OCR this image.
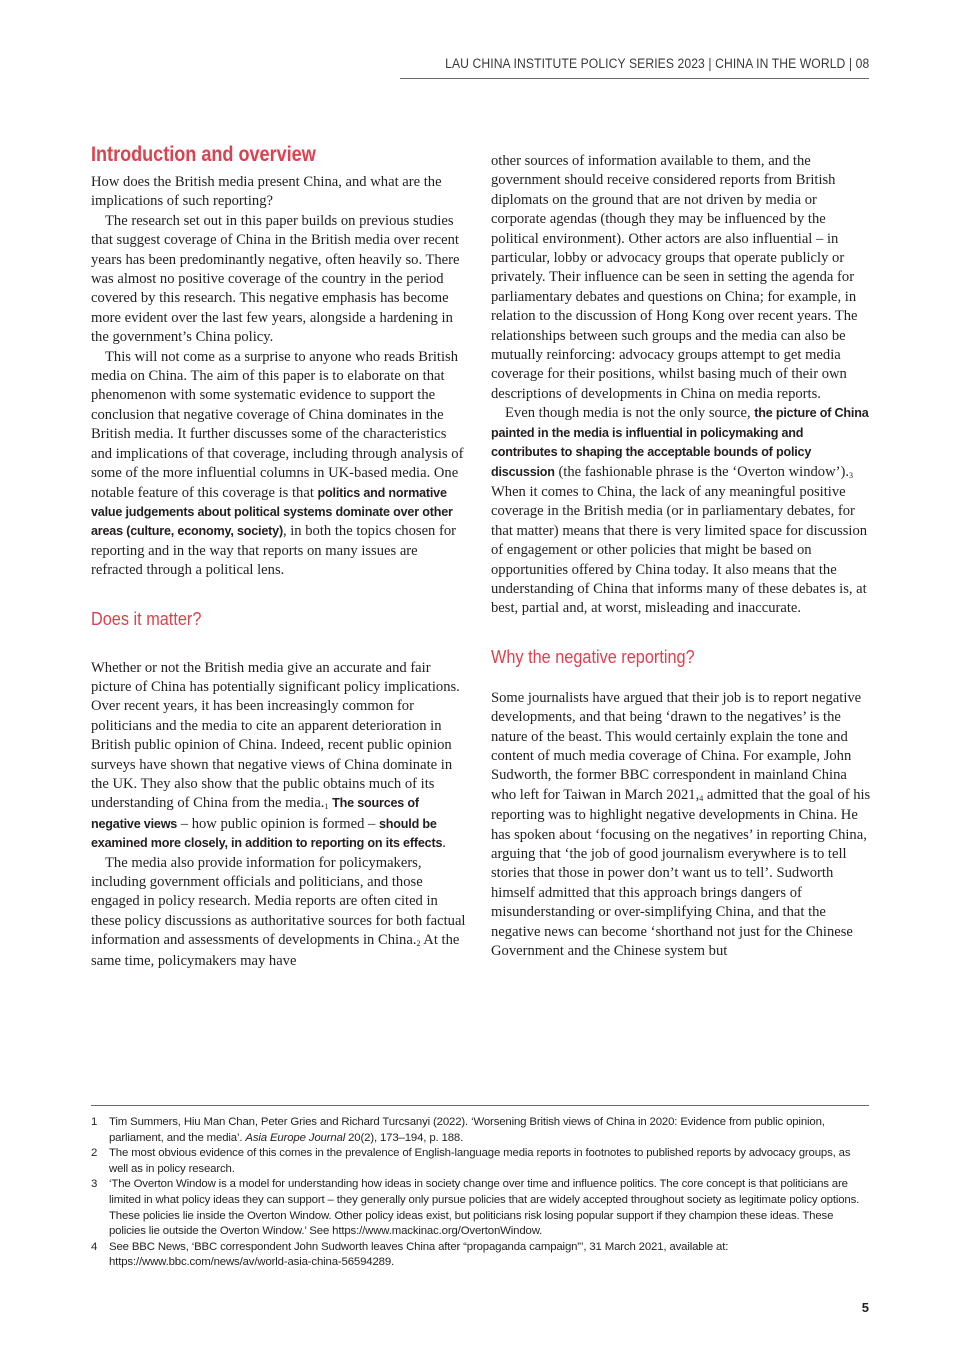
LAU CHINA INSTITUTE POLICY SERIES 2023 | CHINA IN THE WORLD | 08
Introduction and overview

How does the British media present China, and what are the implications of such reporting?

The research set out in this paper builds on previous studies that suggest coverage of China in the British media over recent years has been predominantly negative, often heavily so. There was almost no positive coverage of the country in the period covered by this research. This negative emphasis has become more evident over the last few years, alongside a hardening in the government’s China policy.

This will not come as a surprise to anyone who reads British media on China. The aim of this paper is to elaborate on that phenomenon with some systematic evidence to support the conclusion that negative coverage of China dominates in the British media. It further discusses some of the characteristics and implications of that coverage, including through analysis of some of the more influential columns in UK-based media. One notable feature of this coverage is that politics and normative value judgements about political systems dominate over other areas (culture, economy, society), in both the topics chosen for reporting and in the way that reports on many issues are refracted through a political lens.

Does it matter?

Whether or not the British media give an accurate and fair picture of China has potentially significant policy implications. Over recent years, it has been increasingly common for politicians and the media to cite an apparent deterioration in British public opinion of China. Indeed, recent public opinion surveys have shown that negative views of China dominate in the UK. They also show that the public obtains much of its understanding of China from the media.$^1$ The sources of negative views – how public opinion is formed – should be examined more closely, in addition to reporting on its effects.

The media also provide information for policymakers, including government officials and politicians, and those engaged in policy research. Media reports are often cited in these policy discussions as authoritative sources for both factual information and assessments of developments in China.$^2$ At the same time, policymakers may have

other sources of information available to them, and the government should receive considered reports from British diplomats on the ground that are not driven by media or corporate agendas (though they may be influenced by the political environment). Other actors are also influential – in particular, lobby or advocacy groups that operate publicly or privately. Their influence can be seen in setting the agenda for parliamentary debates and questions on China; for example, in relation to the discussion of Hong Kong over recent years. The relationships between such groups and the media can also be mutually reinforcing: advocacy groups attempt to get media coverage for their positions, whilst basing much of their own descriptions of developments in China on media reports.

Even though media is not the only source, the picture of China painted in the media is influential in policymaking and contributes to shaping the acceptable bounds of policy discussion (the fashionable phrase is the ‘Overton window’).$^3$ When it comes to China, the lack of any meaningful positive coverage in the British media (or in parliamentary debates, for that matter) means that there is very limited space for discussion of engagement or other policies that might be based on opportunities offered by China today. It also means that the understanding of China that informs many of these debates is, at best, partial and, at worst, misleading and inaccurate.

Why the negative reporting?

Some journalists have argued that their job is to report negative developments, and that being ‘drawn to the negatives’ is the nature of the beast. This would certainly explain the tone and content of much media coverage of China. For example, John Sudworth, the former BBC correspondent in mainland China who left for Taiwan in March 2021,$^4$ admitted that the goal of his reporting was to highlight negative developments in China. He has spoken about ‘focusing on the negatives’ in reporting China, arguing that ‘the job of good journalism everywhere is to tell stories that those in power don’t want us to tell’. Sudworth himself admitted that this approach brings dangers of misunderstanding or over-simplifying China, and that the negative news can become ‘shorthand not just for the Chinese Government and the Chinese system but

1	Tim Summers, Hiu Man Chan, Peter Gries and Richard Turcsanyi (2022). ‘Worsening British views of China in 2020: Evidence from public opinion, parliament, and the media’. Asia Europe Journal 20(2), 173–194, p. 188.
2	The most obvious evidence of this comes in the prevalence of English-language media reports in footnotes to published reports by advocacy groups, as well as in policy research.
3	‘The Overton Window is a model for understanding how ideas in society change over time and influence politics. The core concept is that politicians are limited in what policy ideas they can support – they generally only pursue policies that are widely accepted throughout society as legitimate policy options. These policies lie inside the Overton Window. Other policy ideas exist, but politicians risk losing popular support if they champion these ideas. These policies lie outside the Overton Window.’ See https://www.mackinac.org/OvertonWindow.
4	See BBC News, ‘BBC correspondent John Sudworth leaves China after “propaganda campaign”’, 31 March 2021, available at: https://www.bbc.com/news/av/world-asia-china-56594289.
5
